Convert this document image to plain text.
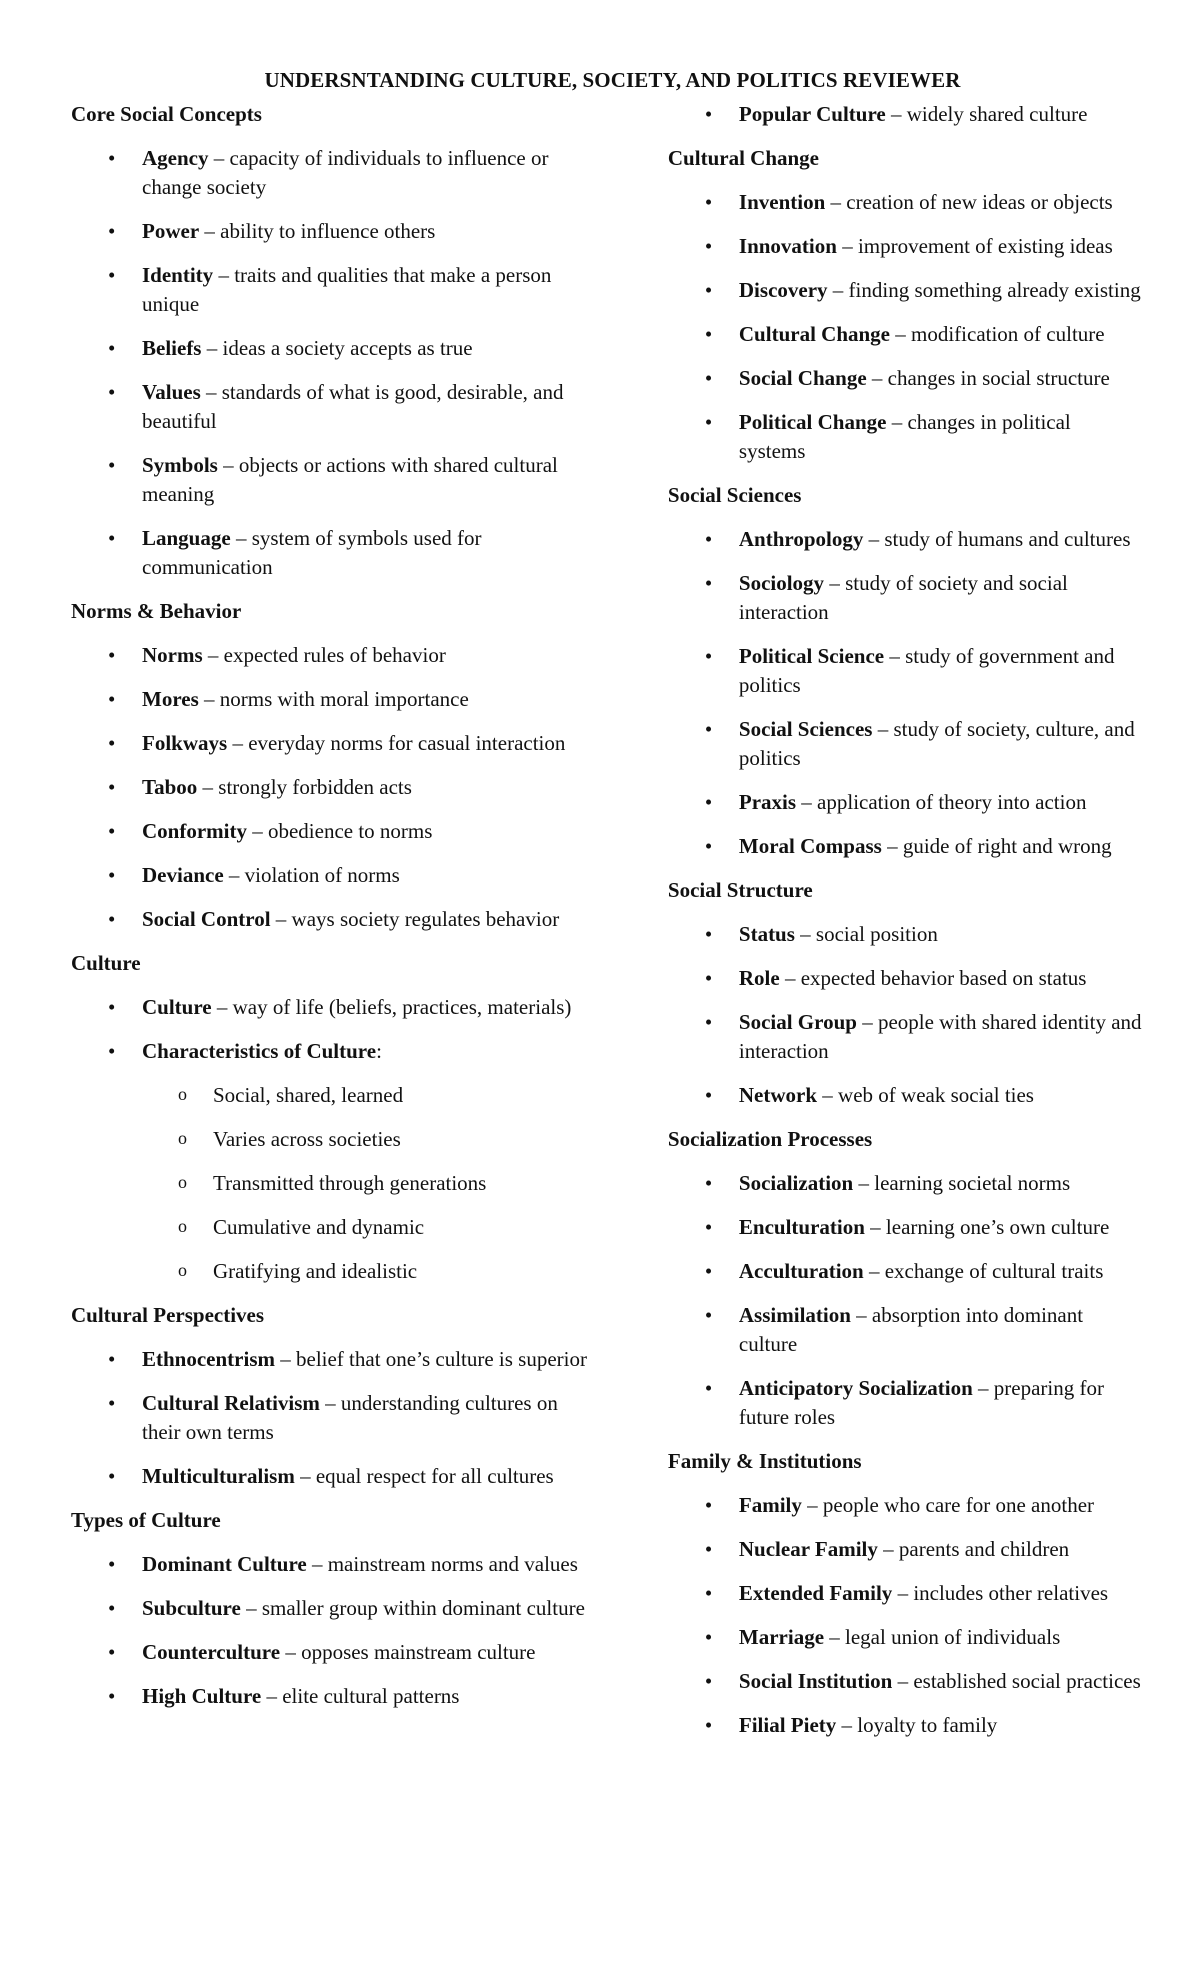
UNDERSNTANDING CULTURE, SOCIETY, AND POLITICS REVIEWER
Core Social Concepts
• Agency – capacity of individuals to influence or change society
• Power – ability to influence others
• Identity – traits and qualities that make a person unique
• Beliefs – ideas a society accepts as true
• Values – standards of what is good, desirable, and beautiful
• Symbols – objects or actions with shared cultural meaning
• Language – system of symbols used for communication
Norms & Behavior
• Norms – expected rules of behavior
• Mores – norms with moral importance
• Folkways – everyday norms for casual interaction
• Taboo – strongly forbidden acts
• Conformity – obedience to norms
• Deviance – violation of norms
• Social Control – ways society regulates behavior
Culture
• Culture – way of life (beliefs, practices, materials)
• Characteristics of Culture:
o Social, shared, learned
o Varies across societies
o Transmitted through generations
o Cumulative and dynamic
o Gratifying and idealistic
Cultural Perspectives
• Ethnocentrism – belief that one’s culture is superior
• Cultural Relativism – understanding cultures on their own terms
• Multiculturalism – equal respect for all cultures
Types of Culture
• Dominant Culture – mainstream norms and values
• Subculture – smaller group within dominant culture
• Counterculture – opposes mainstream culture
• High Culture – elite cultural patterns
• Popular Culture – widely shared culture
Cultural Change
• Invention – creation of new ideas or objects
• Innovation – improvement of existing ideas
• Discovery – finding something already existing
• Cultural Change – modification of culture
• Social Change – changes in social structure
• Political Change – changes in political systems
Social Sciences
• Anthropology – study of humans and cultures
• Sociology – study of society and social interaction
• Political Science – study of government and politics
• Social Sciences – study of society, culture, and politics
• Praxis – application of theory into action
• Moral Compass – guide of right and wrong
Social Structure
• Status – social position
• Role – expected behavior based on status
• Social Group – people with shared identity and interaction
• Network – web of weak social ties
Socialization Processes
• Socialization – learning societal norms
• Enculturation – learning one’s own culture
• Acculturation – exchange of cultural traits
• Assimilation – absorption into dominant culture
• Anticipatory Socialization – preparing for future roles
Family & Institutions
• Family – people who care for one another
• Nuclear Family – parents and children
• Extended Family – includes other relatives
• Marriage – legal union of individuals
• Social Institution – established social practices
• Filial Piety – loyalty to family
